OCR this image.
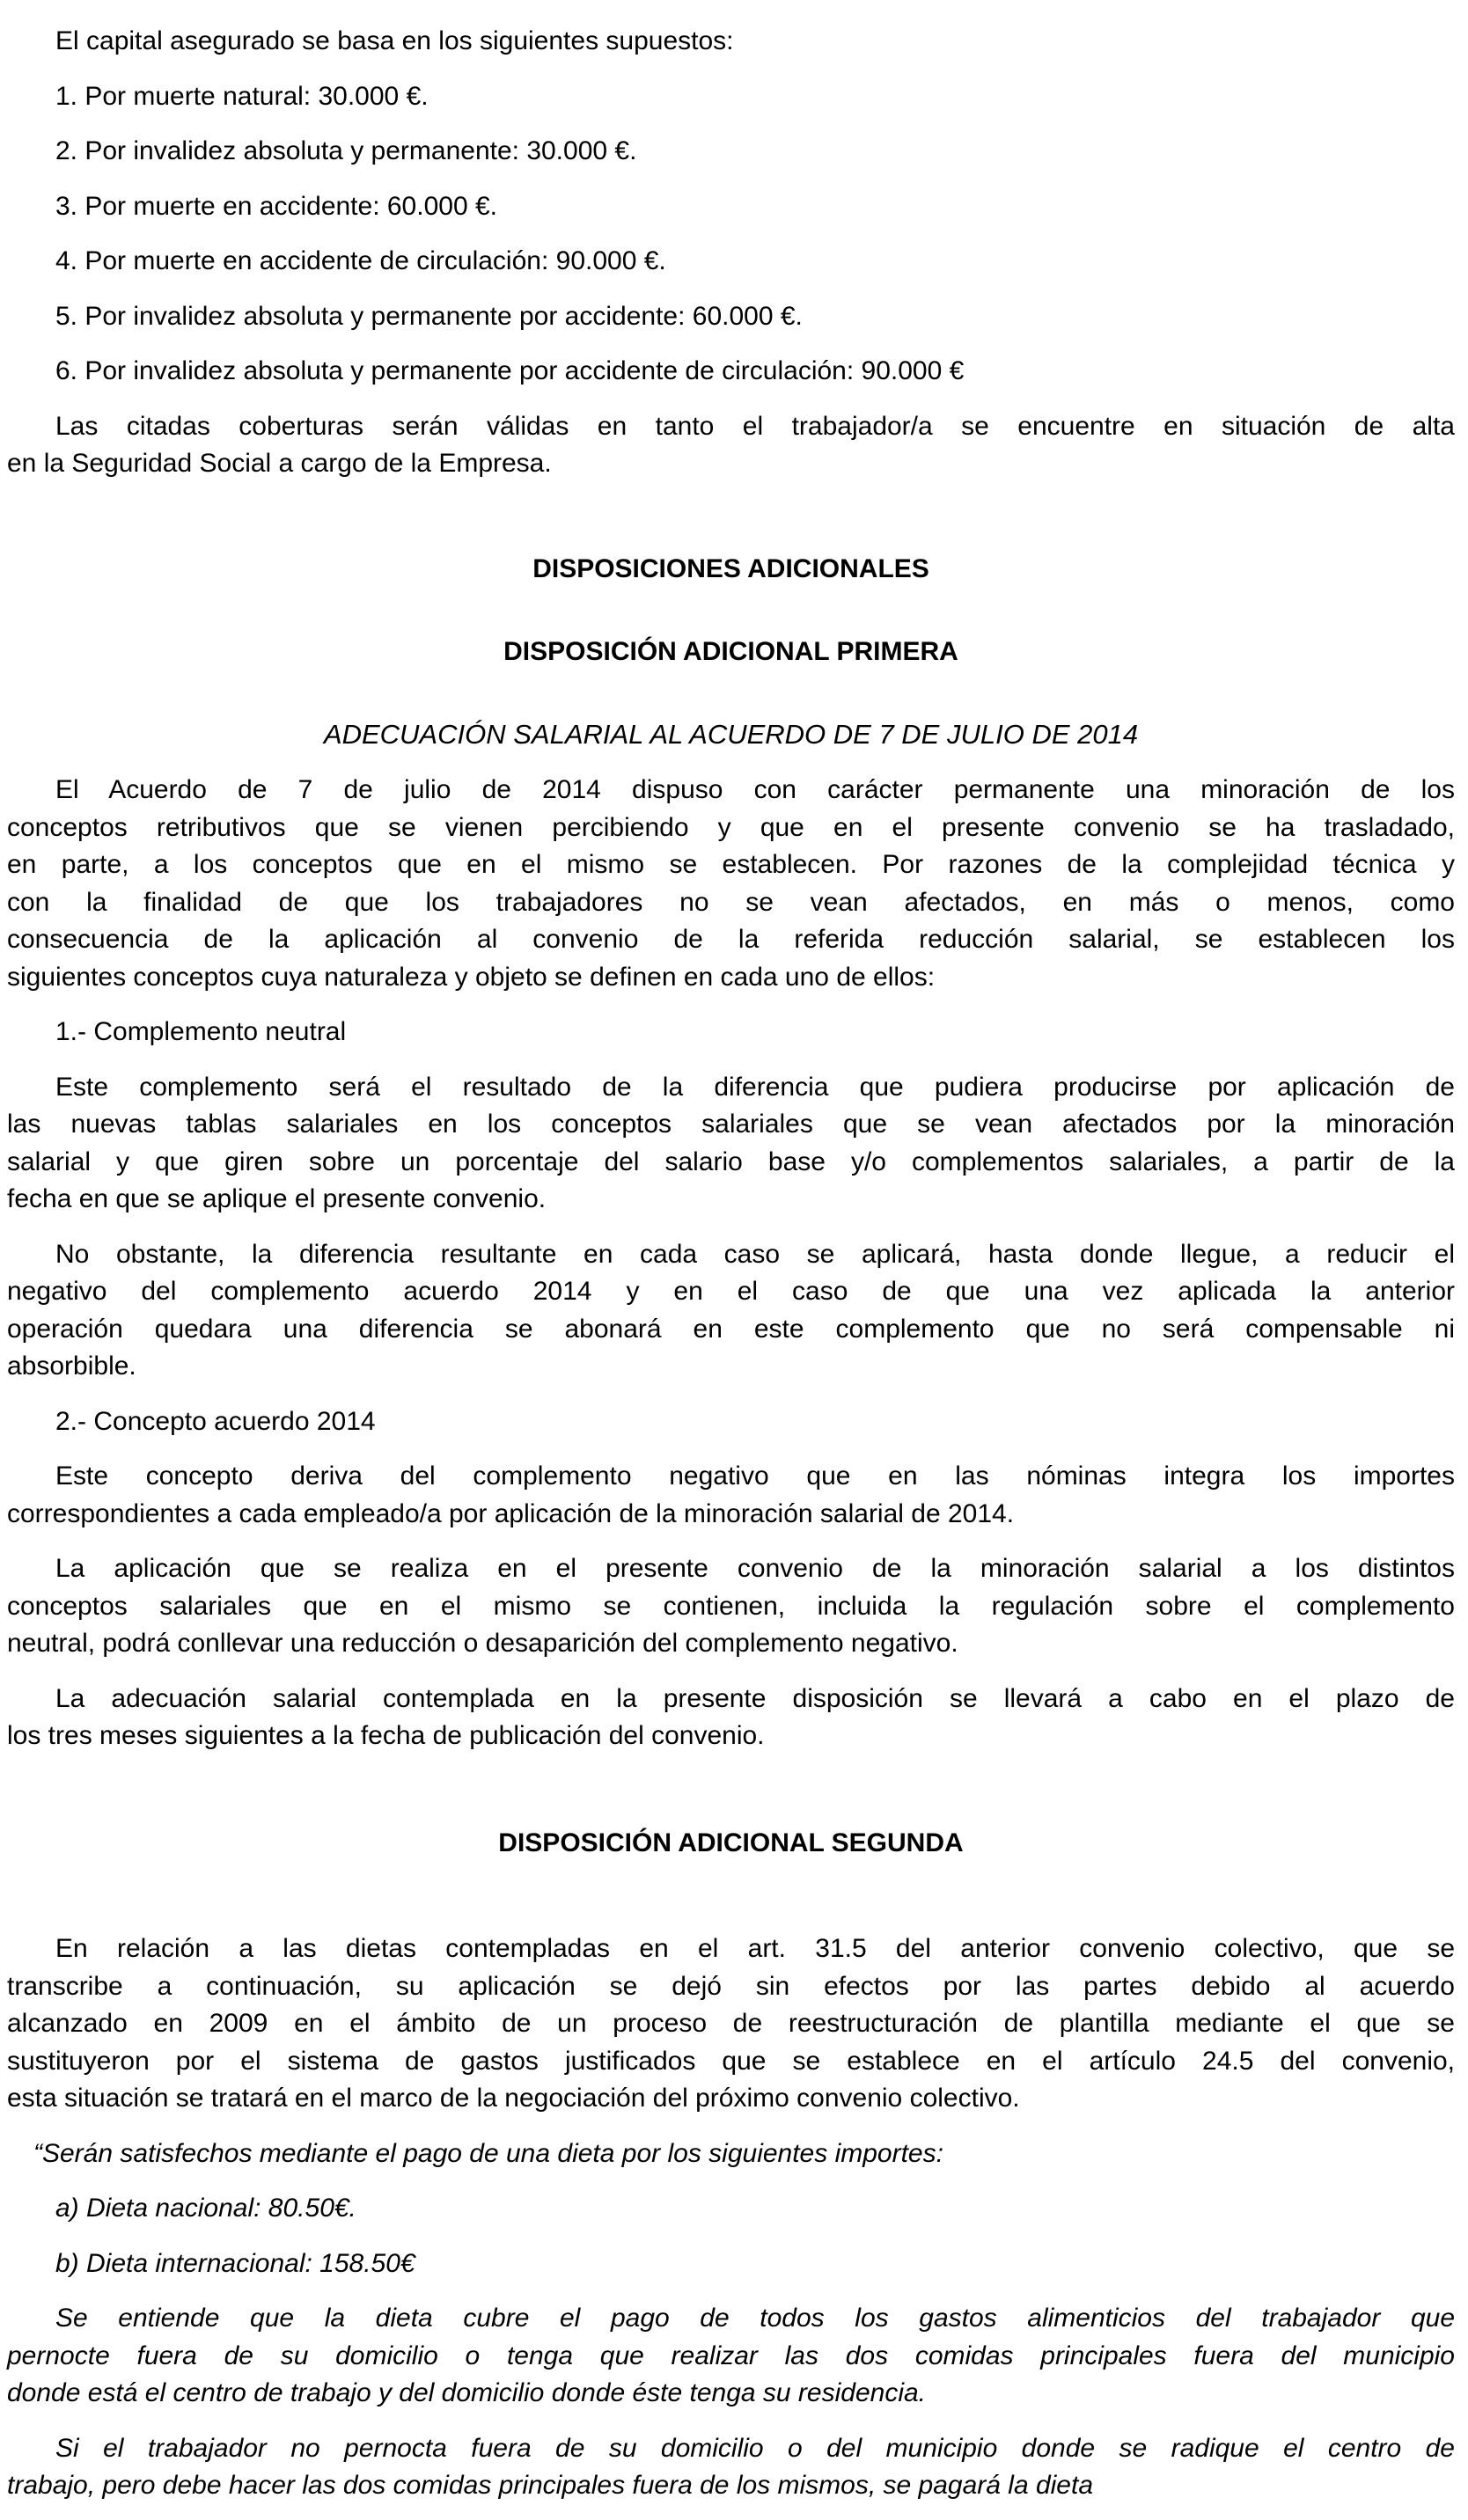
El capital asegurado se basa en los siguientes supuestos:
1. Por muerte natural: 30.000 €.
2. Por invalidez absoluta y permanente: 30.000 €.
3. Por muerte en accidente: 60.000 €.
4. Por muerte en accidente de circulación: 90.000 €.
5. Por invalidez absoluta y permanente por accidente: 60.000 €.
6. Por invalidez absoluta y permanente por accidente de circulación: 90.000 €
Las citadas coberturas serán válidas en tanto el trabajador/a se encuentre en situación de alta
en la Seguridad Social a cargo de la Empresa.
DISPOSICIONES ADICIONALES
DISPOSICIÓN ADICIONAL PRIMERA
ADECUACIÓN SALARIAL AL ACUERDO DE 7 DE JULIO DE 2014
El Acuerdo de 7 de julio de 2014 dispuso con carácter permanente una minoración de los
conceptos retributivos que se vienen percibiendo y que en el presente convenio se ha trasladado,
en parte, a los conceptos que en el mismo se establecen. Por razones de la complejidad técnica y
con la finalidad de que los trabajadores no se vean afectados, en más o menos, como
consecuencia de la aplicación al convenio de la referida reducción salarial, se establecen los
siguientes conceptos cuya naturaleza y objeto se definen en cada uno de ellos:
1.- Complemento neutral
Este complemento será el resultado de la diferencia que pudiera producirse por aplicación de
las nuevas tablas salariales en los conceptos salariales que se vean afectados por la minoración
salarial y que giren sobre un porcentaje del salario base y/o complementos salariales, a partir de la
fecha en que se aplique el presente convenio.
No obstante, la diferencia resultante en cada caso se aplicará, hasta donde llegue, a reducir el
negativo del complemento acuerdo 2014 y en el caso de que una vez aplicada la anterior
operación quedara una diferencia se abonará en este complemento que no será compensable ni
absorbible.
2.- Concepto acuerdo 2014
Este concepto deriva del complemento negativo que en las nóminas integra los importes
correspondientes a cada empleado/a por aplicación de la minoración salarial de 2014.
La aplicación que se realiza en el presente convenio de la minoración salarial a los distintos
conceptos salariales que en el mismo se contienen, incluida la regulación sobre el complemento
neutral, podrá conllevar una reducción o desaparición del complemento negativo.
La adecuación salarial contemplada en la presente disposición se llevará a cabo en el plazo de
los tres meses siguientes a la fecha de publicación del convenio.
DISPOSICIÓN ADICIONAL SEGUNDA
En relación a las dietas contempladas en el art. 31.5 del anterior convenio colectivo, que se
transcribe a continuación, su aplicación se dejó sin efectos por las partes debido al acuerdo
alcanzado en 2009 en el ámbito de un proceso de reestructuración de plantilla mediante el que se
sustituyeron por el sistema de gastos justificados que se establece en el artículo 24.5 del convenio,
esta situación se tratará en el marco de la negociación del próximo convenio colectivo.
“Serán satisfechos mediante el pago de una dieta por los siguientes importes:
a) Dieta nacional: 80.50€.
b) Dieta internacional: 158.50€
Se entiende que la dieta cubre el pago de todos los gastos alimenticios del trabajador que
pernocte fuera de su domicilio o tenga que realizar las dos comidas principales fuera del municipio
donde está el centro de trabajo y del domicilio donde éste tenga su residencia.
Si el trabajador no pernocta fuera de su domicilio o del municipio donde se radique el centro de
trabajo, pero debe hacer las dos comidas principales fuera de los mismos, se pagará la dieta
